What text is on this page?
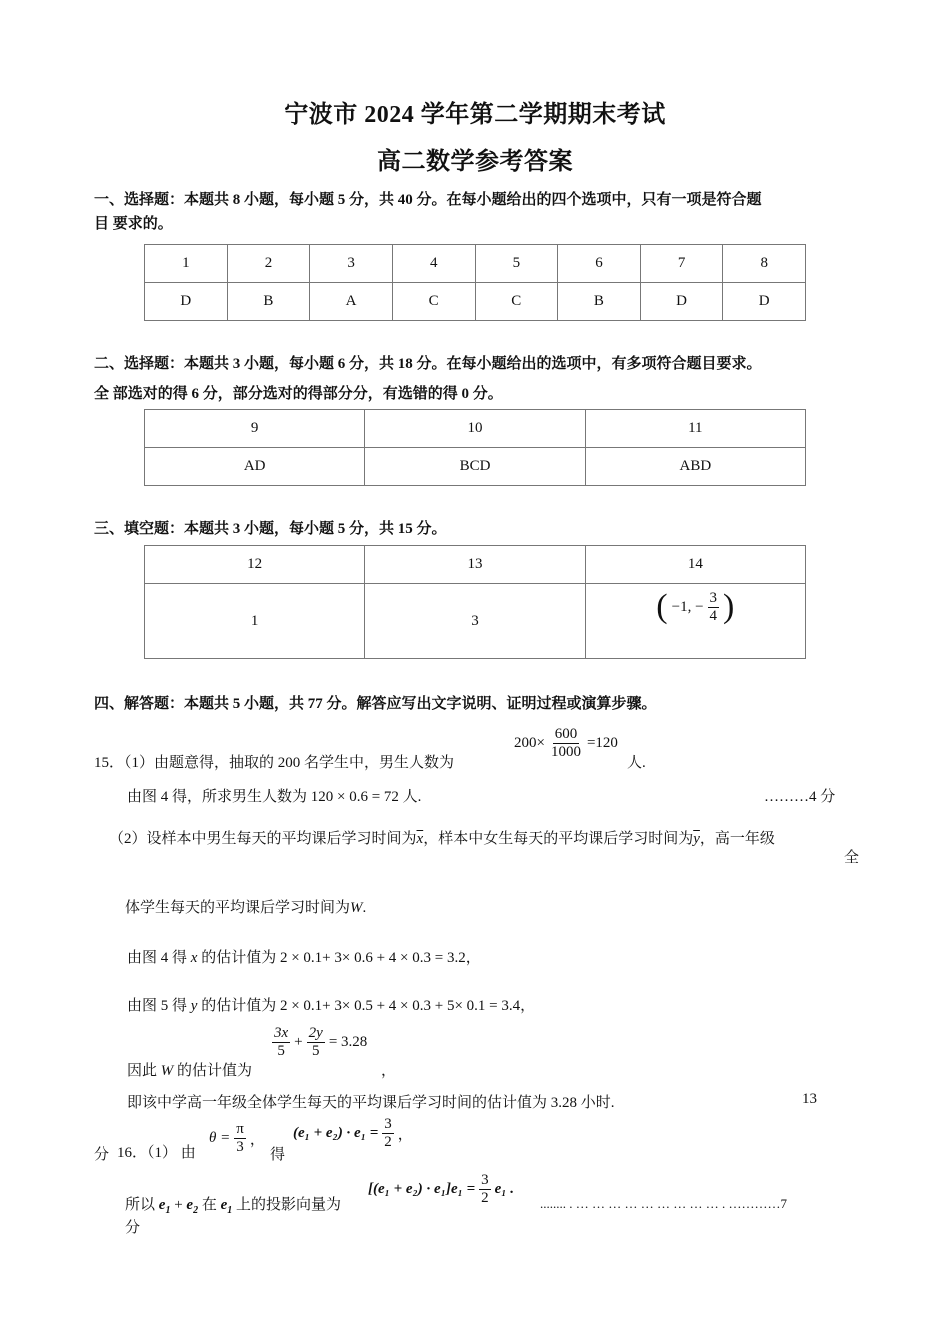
宁波市 2024 学年第二学期期末考试
高二数学参考答案
一、选择题：本题共 8 小题，每小题 5 分，共 40 分。在每小题给出的四个选项中，只有一项是符合题
目 要求的。
1	2	3	4	5	6	7	8
D	B	A	C	C	B	D	D
二、选择题：本题共 3 小题，每小题 6 分，共 18 分。在每小题给出的选项中，有多项符合题目要求。
全 部选对的得 6 分，部分选对的得部分分，有选错的得 0 分。
9	10	11
AD	BCD	ABD
三、填空题：本题共 3 小题，每小题 5 分，共 15 分。
12	13	14
1	3	( −1, − $\frac{3}{4}$ )
四、解答题：本题共 5 小题，共 77 分。解答应写出文字说明、证明过程或演算步骤。
15．（1）由题意得，抽取的 200 名学生中，男生人数为
$200\times \frac{600}{1000} =120$
人.
由图 4 得，所求男生人数为 120 × 0.6 = 72 人.	………4 分
（2）设样本中男生每天的平均课后学习时间为$\overline{x}$，样本中女生每天的平均课后学习时间为$\overline{y}$，高一年级
全
体学生每天的平均课后学习时间为W.
由图 4 得 x 的估计值为 2 × 0.1+ 3× 0.6 + 4 × 0.3 = 3.2，
由图 5 得 y 的估计值为 2 × 0.1+ 3× 0.5 + 4 × 0.3 + 5× 0.1 = 3.4，
因此 W 的估计值为
$\frac{3x}{5} + \frac{2y}{5} = 3.28$
，
即该中学高一年级全体学生每天的平均课后学习时间的估计值为 3.28 小时.	13
分 16．（1） 由
$\theta = \frac{\pi}{3}$ ，
得
$(e_1 + e_2) \cdot e_1 = \frac{3}{2}$ ，
所以 $e_1 + e_2$ 在 $e_1$ 上的投影向量为
$[(e_1 + e_2) \cdot e_1]e_1 = \frac{3}{2} e_1$ .
........ . … … … … … … … … … . …………7
分
